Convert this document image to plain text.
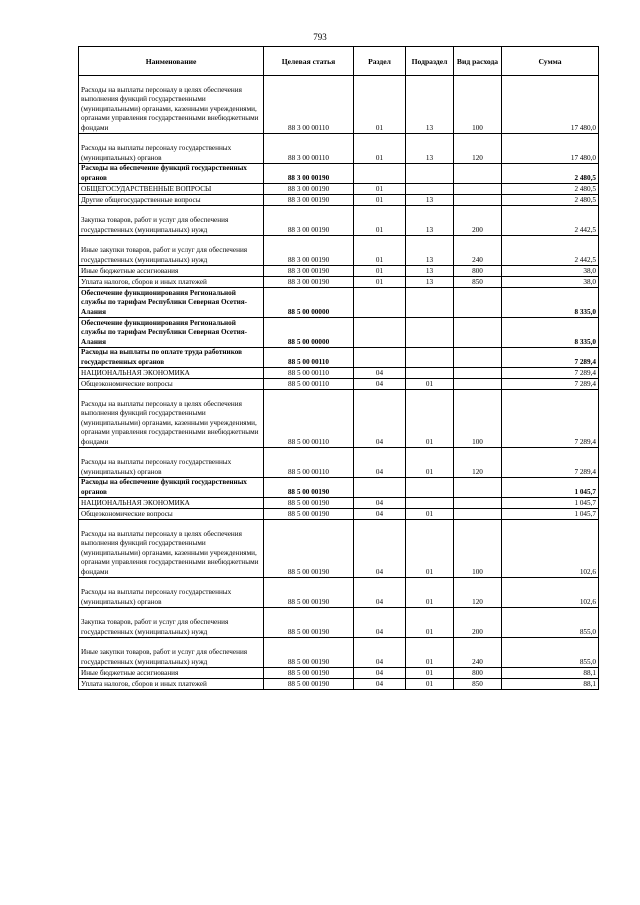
793
Наименование	Целевая статья	Раздел	Подраздел	Вид расхода	Сумма
Расходы на выплаты персоналу в целях обеспечения выполнения функций государственными (муниципальными) органами, казенными учреждениями, органами управления государственными внебюджетными фондами	88 3 00 00110	01	13	100	17 480,0
Расходы на выплаты персоналу государственных (муниципальных) органов	88 3 00 00110	01	13	120	17 480,0
Расходы на обеспечение функций государственных органов	88 3 00 00190				2 480,5
ОБЩЕГОСУДАРСТВЕННЫЕ ВОПРОСЫ	88 3 00 00190	01			2 480,5
Другие общегосударственные вопросы	88 3 00 00190	01	13		2 480,5
Закупка товаров, работ и услуг для обеспечения государственных (муниципальных) нужд	88 3 00 00190	01	13	200	2 442,5
Иные закупки товаров, работ и услуг для обеспечения государственных (муниципальных) нужд	88 3 00 00190	01	13	240	2 442,5
Иные бюджетные ассигнования	88 3 00 00190	01	13	800	38,0
Уплата налогов, сборов и иных платежей	88 3 00 00190	01	13	850	38,0
Обеспечение функционирования Региональной службы по тарифам Республики Северная Осетия-Алания	88 5 00 00000				8 335,0
Обеспечение функционирования Региональной службы по тарифам Республики Северная Осетия-Алания	88 5 00 00000				8 335,0
Расходы на выплаты по оплате труда работников государственных органов	88 5 00 00110				7 289,4
НАЦИОНАЛЬНАЯ ЭКОНОМИКА	88 5 00 00110	04			7 289,4
Общеэкономические вопросы	88 5 00 00110	04	01		7 289,4
Расходы на выплаты персоналу в целях обеспечения выполнения функций государственными (муниципальными) органами, казенными учреждениями, органами управления государственными внебюджетными фондами	88 5 00 00110	04	01	100	7 289,4
Расходы на выплаты персоналу государственных (муниципальных) органов	88 5 00 00110	04	01	120	7 289,4
Расходы на обеспечение функций государственных органов	88 5 00 00190				1 045,7
НАЦИОНАЛЬНАЯ ЭКОНОМИКА	88 5 00 00190	04			1 045,7
Общеэкономические вопросы	88 5 00 00190	04	01		1 045,7
Расходы на выплаты персоналу в целях обеспечения выполнения функций государственными (муниципальными) органами, казенными учреждениями, органами управления государственными внебюджетными фондами	88 5 00 00190	04	01	100	102,6
Расходы на выплаты персоналу государственных (муниципальных) органов	88 5 00 00190	04	01	120	102,6
Закупка товаров, работ и услуг для обеспечения государственных (муниципальных) нужд	88 5 00 00190	04	01	200	855,0
Иные закупки товаров, работ и услуг для обеспечения государственных (муниципальных) нужд	88 5 00 00190	04	01	240	855,0
Иные бюджетные ассигнования	88 5 00 00190	04	01	800	88,1
Уплата налогов, сборов и иных платежей	88 5 00 00190	04	01	850	88,1
